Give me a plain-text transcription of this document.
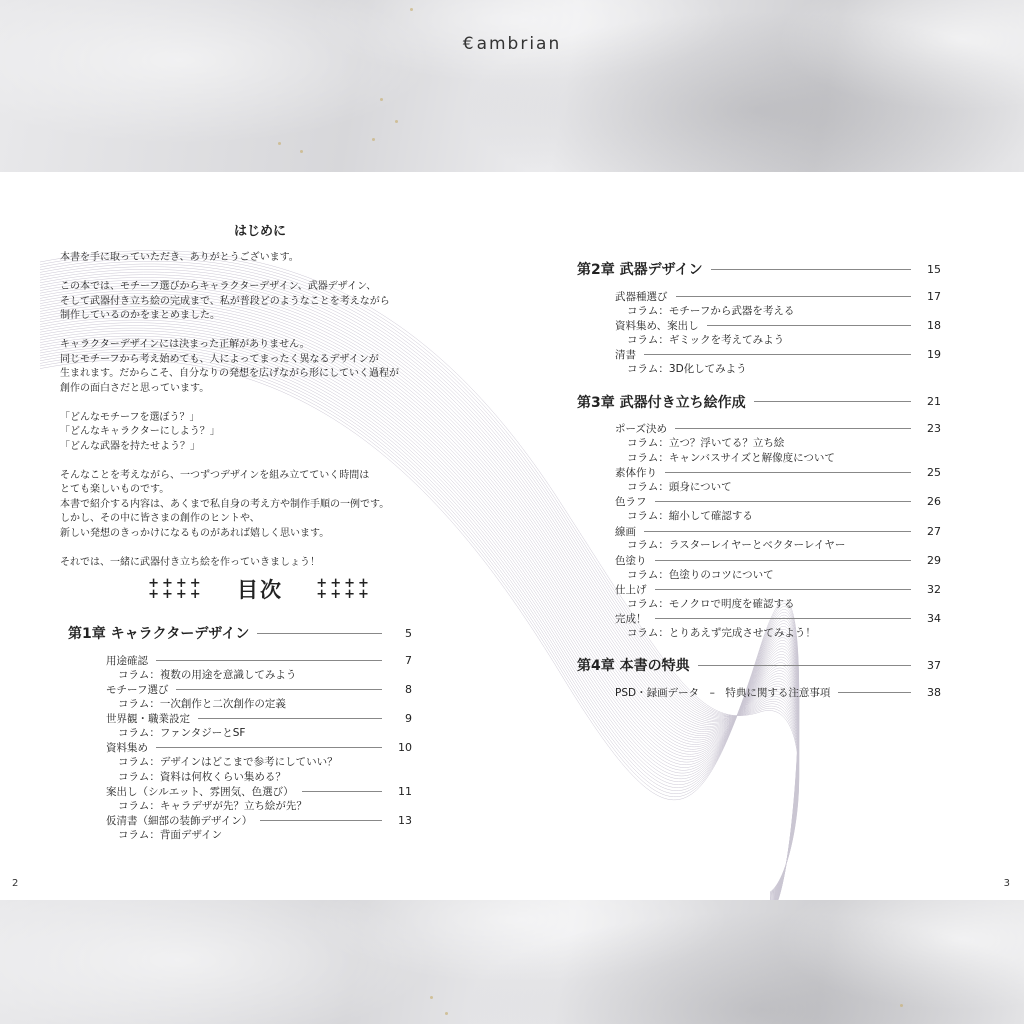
€ambrian
はじめに
本書を手に取っていただき、ありがとうございます。
この本では、モチーフ選びからキャラクターデザイン、武器デザイン、
そして武器付き立ち絵の完成まで、私が普段どのようなことを考えながら
制作しているのかをまとめました。
キャラクターデザインには決まった正解がありません。
同じモチーフから考え始めても、人によってまったく異なるデザインが
生まれます。だからこそ、自分なりの発想を広げながら形にしていく過程が
創作の面白さだと思っています。
「どんなモチーフを選ぼう？」
「どんなキャラクターにしよう？」
「どんな武器を持たせよう？」
そんなことを考えながら、一つずつデザインを組み立てていく時間は
とても楽しいものです。
本書で紹介する内容は、あくまで私自身の考え方や制作手順の一例です。
しかし、その中に皆さまの創作のヒントや、
新しい発想のきっかけになるものがあれば嬉しく思います。
それでは、一緒に武器付き立ち絵を作っていきましょう！
++++
++++ 目次	++++
++++
第1章 キャラクターデザイン	5
用途確認	7
コラム：複数の用途を意識してみよう
モチーフ選び	8
コラム：一次創作と二次創作の定義
世界観・職業設定	9
コラム：ファンタジーとSF
資料集め	10
コラム：デザインはどこまで参考にしていい？
コラム：資料は何枚くらい集める？
案出し（シルエット、雰囲気、色選び）	11
コラム：キャラデザが先？立ち絵が先？
仮清書（細部の装飾デザイン）	13
コラム：背面デザイン
第2章 武器デザイン	15
武器種選び	17
コラム：モチーフから武器を考える
資料集め、案出し	18
コラム：ギミックを考えてみよう
清書	19
コラム：3D化してみよう
第3章 武器付き立ち絵作成	21
ポーズ決め	23
コラム：立つ？浮いてる？立ち絵
コラム：キャンバスサイズと解像度について
素体作り	25
コラム：頭身について
色ラフ	26
コラム：縮小して確認する
線画	27
コラム：ラスターレイヤーとベクターレイヤー
色塗り	29
コラム：色塗りのコツについて
仕上げ	32
コラム：モノクロで明度を確認する
完成！	34
コラム：とりあえず完成させてみよう！
第4章 本書の特典	37
PSD・録画データ　–　特典に関する注意事項	38
2	3
